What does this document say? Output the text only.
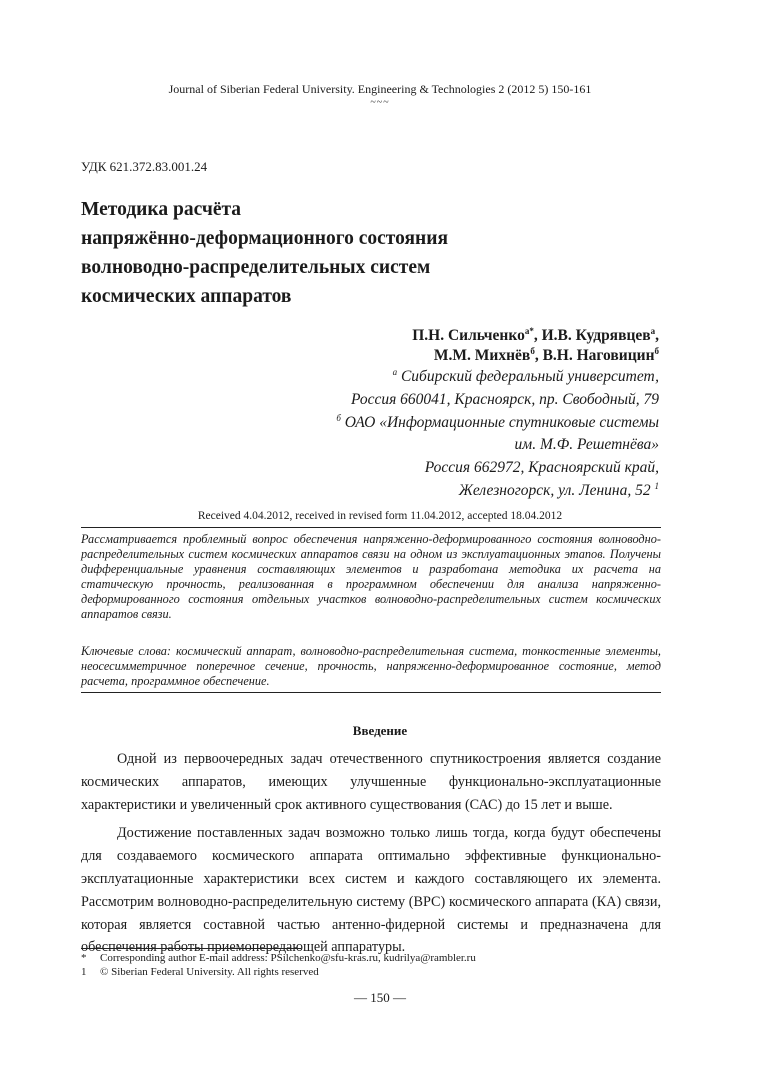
Journal of Siberian Federal University. Engineering & Technologies 2 (2012 5) 150-161
~~~
УДК 621.372.83.001.24
Методика расчёта
напряжённо-деформационного состояния
волноводно-распределительных систем
космических аппаратов
П.Н. Сильченко$^{а*}$, И.В. Кудрявцев$^а$,
М.М. Михнёв$^б$, В.Н. Наговицин$^б$
$^а$ Сибирский федеральный университет,
Россия 660041, Красноярск, пр. Свободный, 79
$^б$ ОАО «Информационные спутниковые системы
им. М.Ф. Решетнёва»
Россия 662972, Красноярский край,
Железногорск, ул. Ленина, 52 $^1$
Received 4.04.2012, received in revised form 11.04.2012, accepted 18.04.2012
Рассматривается проблемный вопрос обеспечения напряженно-деформированного состояния волноводно-распределительных систем космических аппаратов связи на одном из эксплуатационных этапов. Получены дифференциальные уравнения составляющих элементов и разработана методика их расчета на статическую прочность, реализованная в программном обеспечении для анализа напряженно-деформированного состояния отдельных участков волноводно-распределительных систем космических аппаратов связи.
Ключевые слова: космический аппарат, волноводно-распределительная система, тонкостенные элементы, неосесимметричное поперечное сечение, прочность, напряженно-деформированное состояние, метод расчета, программное обеспечение.
Введение

Одной из первоочередных задач отечественного спутникостроения является создание космических аппаратов, имеющих улучшенные функционально-эксплуатационные характеристики и увеличенный срок активного существования (САС) до 15 лет и выше.

Достижение поставленных задач возможно только лишь тогда, когда будут обеспечены для создаваемого космического аппарата оптимально эффективные функционально-эксплуатационные характеристики всех систем и каждого составляющего их элемента. Рассмотрим волноводно-распределительную систему (ВРС) космического аппарата (КА) связи, которая является составной частью антенно-фидерной системы и предназначена для обеспечения работы приемопередающей аппаратуры.

*	Corresponding author E-mail address: PSilchenko@sfu-kras.ru, kudrilya@rambler.ru
1	© Siberian Federal University. All rights reserved
— 150 —
